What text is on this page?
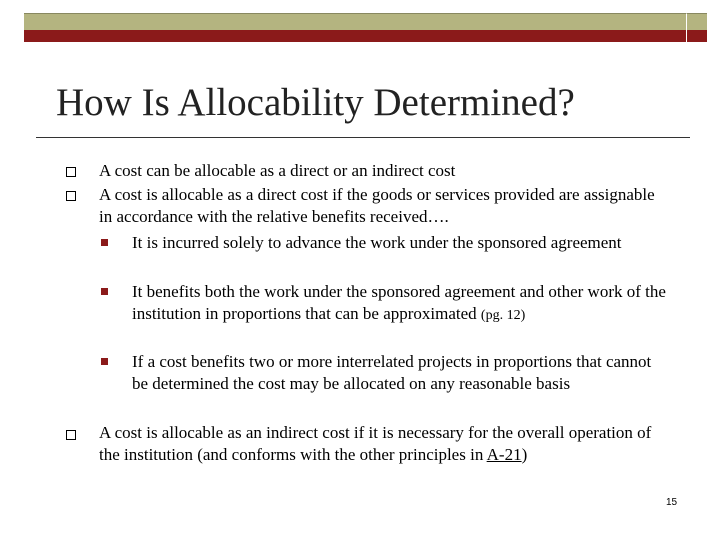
How Is Allocability Determined?
A cost can be allocable as a direct or an indirect cost
A cost is allocable as a direct cost if the goods or services provided are assignable in accordance with the relative benefits received….
It is incurred solely to advance the work under the sponsored agreement
It benefits both the work under the sponsored agreement and other work of the institution in proportions that can be approximated (pg. 12)
If a cost benefits two or more interrelated projects in proportions that cannot be determined the cost may be allocated on any reasonable basis
A cost is allocable as an indirect cost if it is necessary for the overall operation of the institution (and conforms with the other principles in A-21)
15
